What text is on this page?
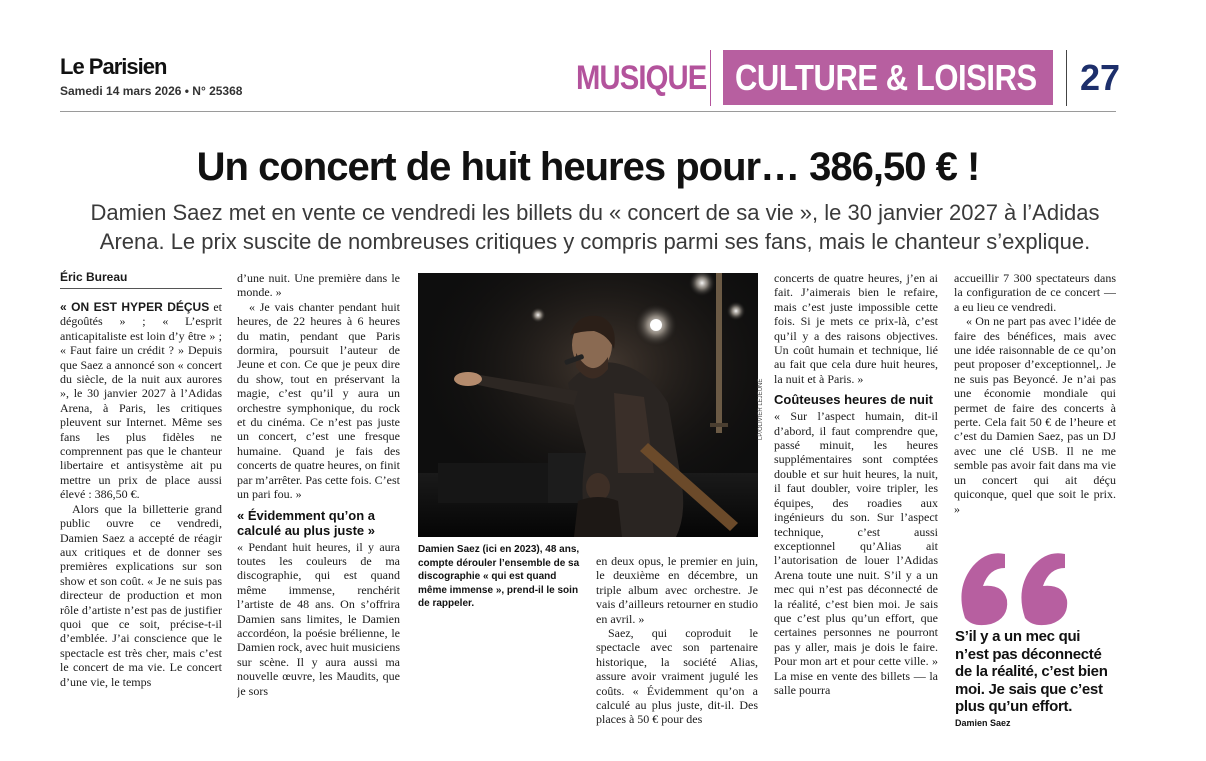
Le Parisien
Samedi 14 mars 2026 • N° 25368	MUSIQUE CULTURE & LOISIRS	27
Un concert de huit heures pour… 386,50 € !
Damien Saez met en vente ce vendredi les billets du « concert de sa vie », le 30 janvier 2027 à l’Adidas Arena. Le prix suscite de nombreuses critiques y compris parmi ses fans, mais le chanteur s’explique.
Éric Bureau

« ON EST HYPER DÉÇUS et dégoûtés » ; « L’esprit anticapitaliste est loin d’y être » ; « Faut faire un crédit ? » Depuis que Saez a annoncé son « concert du siècle, de la nuit aux aurores », le 30 janvier 2027 à l’Adidas Arena, à Paris, les critiques pleuvent sur Internet. Même ses fans les plus fidèles ne comprennent pas que le chanteur libertaire et antisystème ait pu mettre un prix de place aussi élevé : 386,50 €.

Alors que la billetterie grand public ouvre ce vendredi, Damien Saez a accepté de réagir aux critiques et de donner ses premières explications sur son show et son coût. « Je ne suis pas directeur de production et mon rôle d’artiste n’est pas de justifier quoi que ce soit, précise-t-il d’emblée. J’ai conscience que le spectacle est très cher, mais c’est le concert de ma vie. Le concert d’une vie, le temps

d’une nuit. Une première dans le monde. »

« Je vais chanter pendant huit heures, de 22 heures à 6 heures du matin, pendant que Paris dormira, poursuit l’auteur de Jeune et con. Ce que je peux dire du show, tout en préservant la magie, c’est qu’il y aura un orchestre symphonique, du rock et du cinéma. Ce n’est pas juste un concert, c’est une fresque humaine. Quand je fais des concerts de quatre heures, on finit par m’arrêter. Pas cette fois. C’est un pari fou. »

« Évidemment qu’on a calculé au plus juste »

« Pendant huit heures, il y aura toutes les couleurs de ma discographie, qui est quand même immense, renchérit l’artiste de 48 ans. On s’offrira Damien sans limites, le Damien accordéon, la poésie brélienne, le Damien rock, avec huit musiciens sur scène. Il y aura aussi ma nouvelle œuvre, les Maudits, que je sors

LP/OLIVIER LEJEUNE
Damien Saez (ici en 2023), 48 ans, compte dérouler l’ensemble de sa discographie « qui est quand même immense », prend-il le soin de rappeler.

en deux opus, le premier en juin, le deuxième en décembre, un triple album avec orchestre. Je vais d’ailleurs retourner en studio en avril. »

Saez, qui coproduit le spectacle avec son partenaire historique, la société Alias, assure avoir vraiment jugulé les coûts. « Évidemment qu’on a calculé au plus juste, dit-il. Des places à 50 € pour des

concerts de quatre heures, j’en ai fait. J’aimerais bien le refaire, mais c’est juste impossible cette fois. Si je mets ce prix-là, c’est qu’il y a des raisons objectives. Un coût humain et technique, lié au fait que cela dure huit heures, la nuit et à Paris. »

Coûteuses heures de nuit

« Sur l’aspect humain, dit-il d’abord, il faut comprendre que, passé minuit, les heures supplémentaires sont comptées double et sur huit heures, la nuit, il faut doubler, voire tripler, les équipes, des roadies aux ingénieurs du son. Sur l’aspect technique, c’est aussi exceptionnel qu’Alias ait l’autorisation de louer l’Adidas Arena toute une nuit. S’il y a un mec qui n’est pas déconnecté de la réalité, c’est bien moi. Je sais que c’est plus qu’un effort, que certaines personnes ne pourront pas y aller, mais je dois le faire. Pour mon art et pour cette ville. » La mise en vente des billets — la salle pourra

accueillir 7 300 spectateurs dans la configuration de ce concert — a eu lieu ce vendredi.

« On ne part pas avec l’idée de faire des bénéfices, mais avec une idée raisonnable de ce qu’on peut proposer d’exceptionnel,. Je ne suis pas Beyoncé. Je n’ai pas une économie mondiale qui permet de faire des concerts à perte. Cela fait 50 € de l’heure et c’est du Damien Saez, pas un DJ avec une clé USB. Il ne me semble pas avoir fait dans ma vie un concert qui ait déçu quiconque, quel que soit le prix. »

S’il y a un mec qui n’est pas déconnecté de la réalité, c’est bien moi. Je sais que c’est plus qu’un effort.
Damien Saez
